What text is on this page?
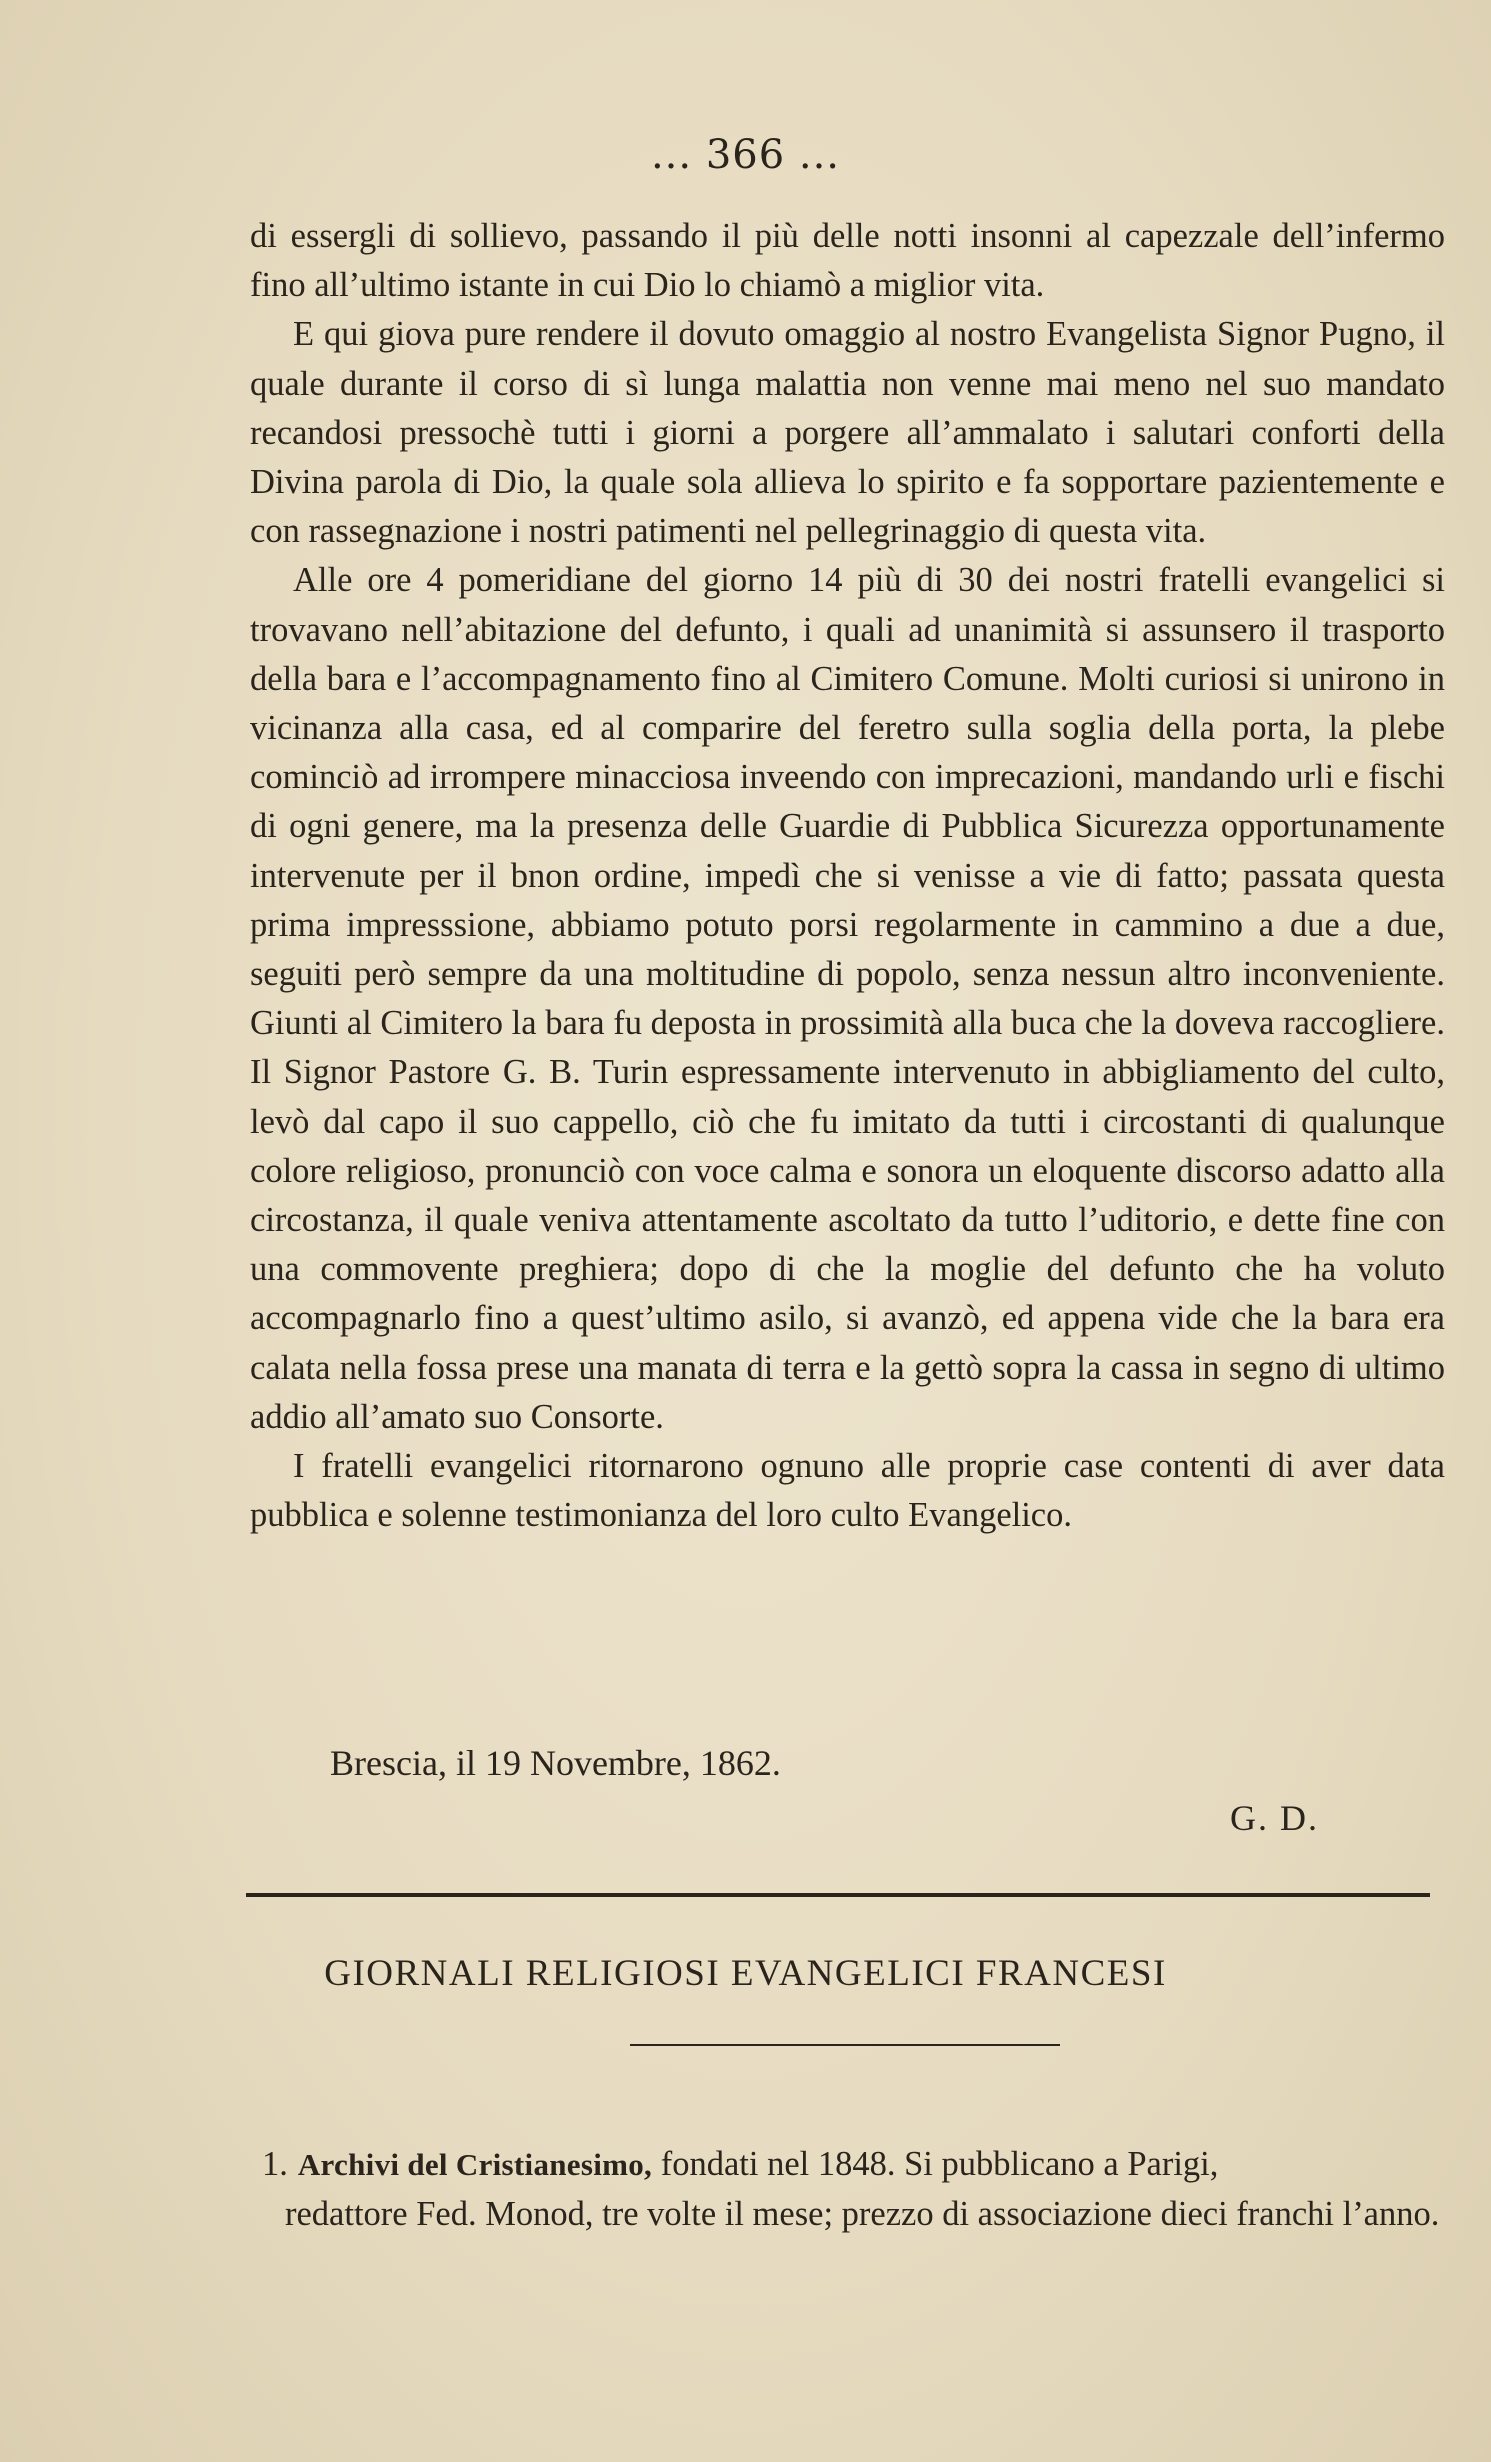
... 366 ...

di essergli di sollievo, passando il più delle notti insonni al capezzale dell’infermo fino all’ultimo istante in cui Dio lo chiamò a miglior vita.

E qui giova pure rendere il dovuto omaggio al nostro Evangelista Signor Pugno, il quale durante il corso di sì lunga malattia non venne mai meno nel suo mandato recandosi pressochè tutti i giorni a porgere all’ammalato i salutari conforti della Divina parola di Dio, la quale sola allieva lo spirito e fa sopportare pazientemente e con rassegnazione i nostri patimenti nel pellegrinaggio di questa vita.

Alle ore 4 pomeridiane del giorno 14 più di 30 dei nostri fratelli evangelici si trovavano nell’abitazione del defunto, i quali ad unanimità si assunsero il trasporto della bara e l’accompagnamento fino al Cimitero Comune. Molti curiosi si unirono in vicinanza alla casa, ed al comparire del feretro sulla soglia della porta, la plebe cominciò ad irrompere minacciosa inveendo con imprecazioni, mandando urli e fischi di ogni genere, ma la presenza delle Guardie di Pubblica Sicurezza opportunamente intervenute per il bnon ordine, impedì che si venisse a vie di fatto; passata questa prima impresssione, abbiamo potuto porsi regolarmente in cammino a due a due, seguiti però sempre da una moltitudine di popolo, senza nessun altro inconveniente. Giunti al Cimitero la bara fu deposta in prossimità alla buca che la doveva raccogliere. Il Signor Pastore G. B. Turin espressamente intervenuto in abbigliamento del culto, levò dal capo il suo cappello, ciò che fu imitato da tutti i circostanti di qualunque colore religioso, pronunciò con voce calma e sonora un eloquente discorso adatto alla circostanza, il quale veniva attentamente ascoltato da tutto l’uditorio, e dette fine con una commovente preghiera; dopo di che la moglie del defunto che ha voluto accompagnarlo fino a quest’ultimo asilo, si avanzò, ed appena vide che la bara era calata nella fossa prese una manata di terra e la gettò sopra la cassa in segno di ultimo addio all’amato suo Consorte.

I fratelli evangelici ritornarono ognuno alle proprie case contenti di aver data pubblica e solenne testimonianza del loro culto Evangelico.

Brescia, il 19 Novembre, 1862.
G. D.
GIORNALI RELIGIOSI EVANGELICI FRANCESI
1. Archivi del Cristianesimo, fondati nel 1848. Si pubblicano a Parigi,
redattore Fed. Monod, tre volte il mese; prezzo di associazione dieci franchi l’anno.
